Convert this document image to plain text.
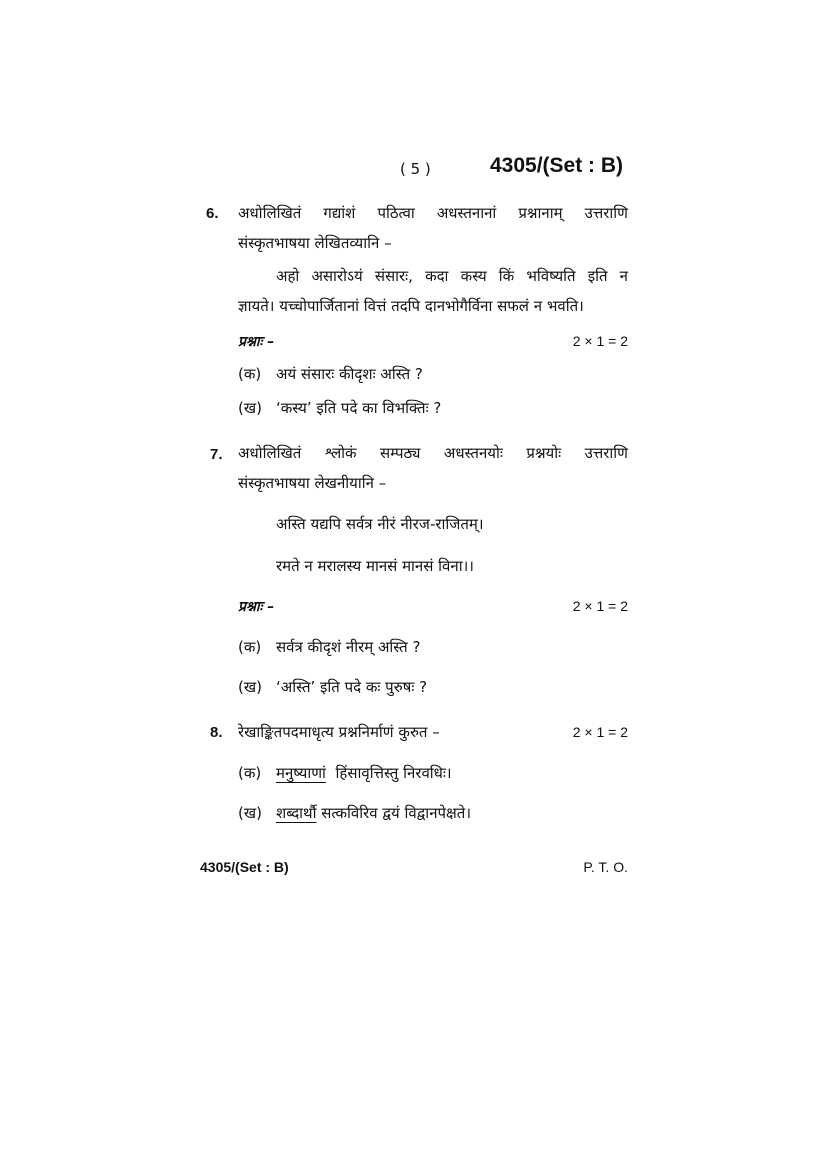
( 5 )	4305/(Set : B)
6. अधोलिखितं गद्यांशं पठित्वा अधस्तनानां प्रश्नानाम् उत्तराणि
संस्कृतभाषया लेखितव्यानि –
अहो असारोऽयं संसारः, कदा कस्य किं भविष्यति इति न
ज्ञायते। यच्चोपार्जितानां वित्तं तदपि दानभोगैर्विना सफलं न भवति।
प्रश्नाः –	2 × 1 = 2
(क) अयं संसारः कीदृशः अस्ति ?
(ख) ‘कस्य’ इति पदे का विभक्तिः ?
7. अधोलिखितं श्लोकं सम्पठ्य अधस्तनयोः प्रश्नयोः उत्तराणि
संस्कृतभाषया लेखनीयानि –
अस्ति यद्यपि सर्वत्र नीरं नीरज-राजितम्।
रमते न मरालस्य मानसं मानसं विना।।
प्रश्नाः –	2 × 1 = 2
(क) सर्वत्र कीदृशं नीरम् अस्ति ?
(ख) ‘अस्ति’ इति पदे कः पुरुषः ?
8. रेखाङ्कितपदमाधृत्य प्रश्ननिर्माणं कुरुत –	2 × 1 = 2
(क) मनुष्याणां हिंसावृत्तिस्तु निरवधिः।
(ख) शब्दार्थौ सत्कविरिव द्वयं विद्वानपेक्षते।
4305/(Set : B)	P. T. O.
